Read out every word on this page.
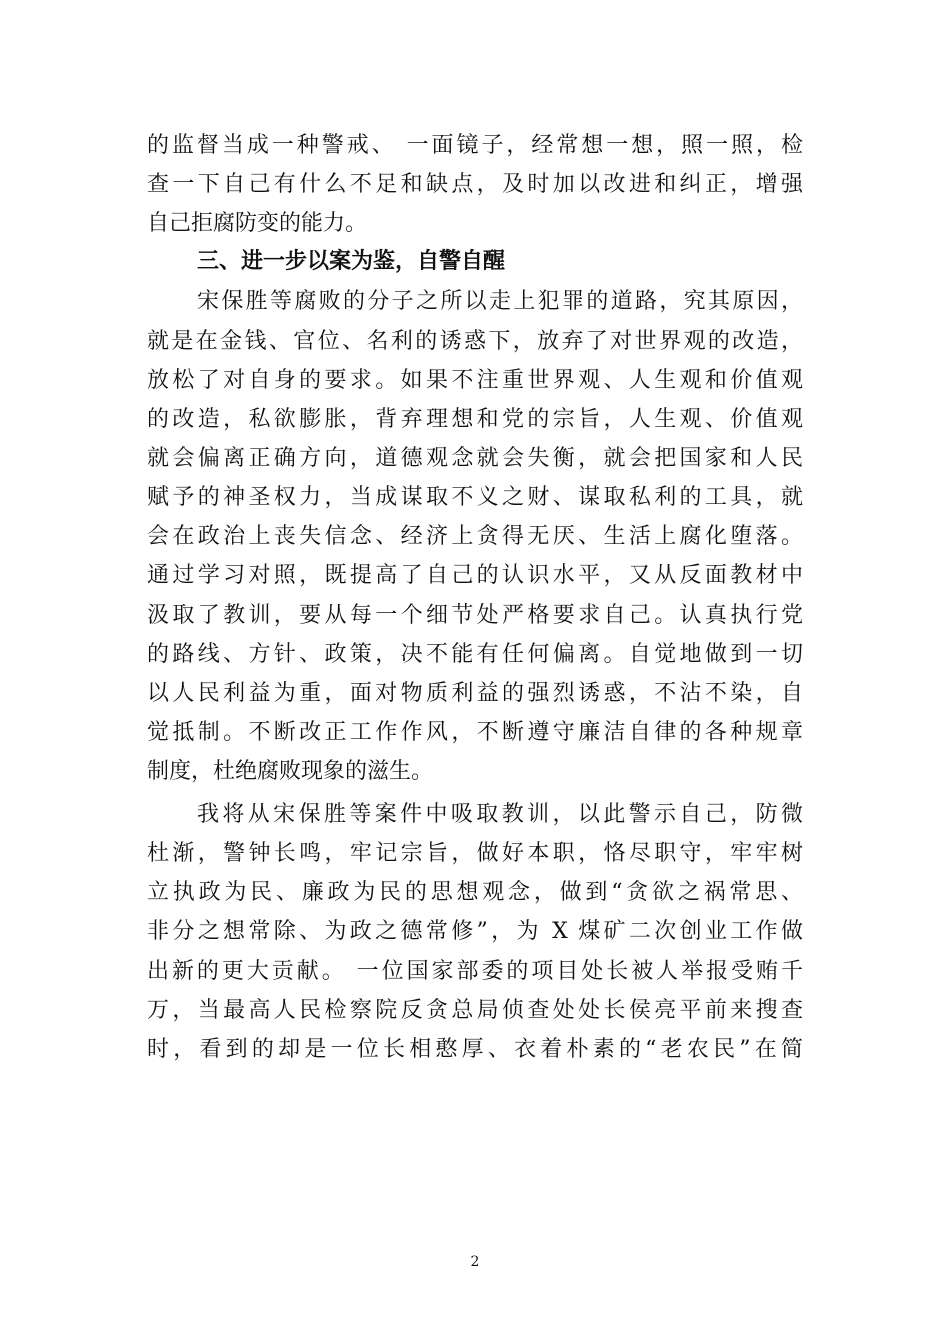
的监督当成一种警戒、 一面镜子，经常想一想，照一照，检
查一下自己有什么不足和缺点，及时加以改进和纠正，增强
自己拒腐防变的能力。
三、进一步以案为鉴，自警自醒
宋保胜等腐败的分子之所以走上犯罪的道路，究其原因，
就是在金钱、官位、名利的诱惑下，放弃了对世界观的改造，
放松了对自身的要求。如果不注重世界观、人生观和价值观
的改造，私欲膨胀，背弃理想和党的宗旨，人生观、价值观
就会偏离正确方向，道德观念就会失衡，就会把国家和人民
赋予的神圣权力，当成谋取不义之财、谋取私利的工具，就
会在政治上丧失信念、经济上贪得无厌、生活上腐化堕落。
通过学习对照，既提高了自己的认识水平，又从反面教材中
汲取了教训，要从每一个细节处严格要求自己。认真执行党
的路线、方针、政策，决不能有任何偏离。自觉地做到一切
以人民利益为重，面对物质利益的强烈诱惑，不沾不染，自
觉抵制。不断改正工作作风，不断遵守廉洁自律的各种规章
制度，杜绝腐败现象的滋生。
我将从宋保胜等案件中吸取教训，以此警示自己，防微
杜渐，警钟长鸣，牢记宗旨，做好本职，恪尽职守，牢牢树
立执政为民、廉政为民的思想观念，做到“贪欲之祸常思、
非分之想常除、为政之德常修”，为 X 煤矿二次创业工作做
出新的更大贡献。 一位国家部委的项目处长被人举报受贿千
万，当最高人民检察院反贪总局侦查处处长侯亮平前来搜查
时，看到的却是一位长相憨厚、衣着朴素的“老农民”在简
2
